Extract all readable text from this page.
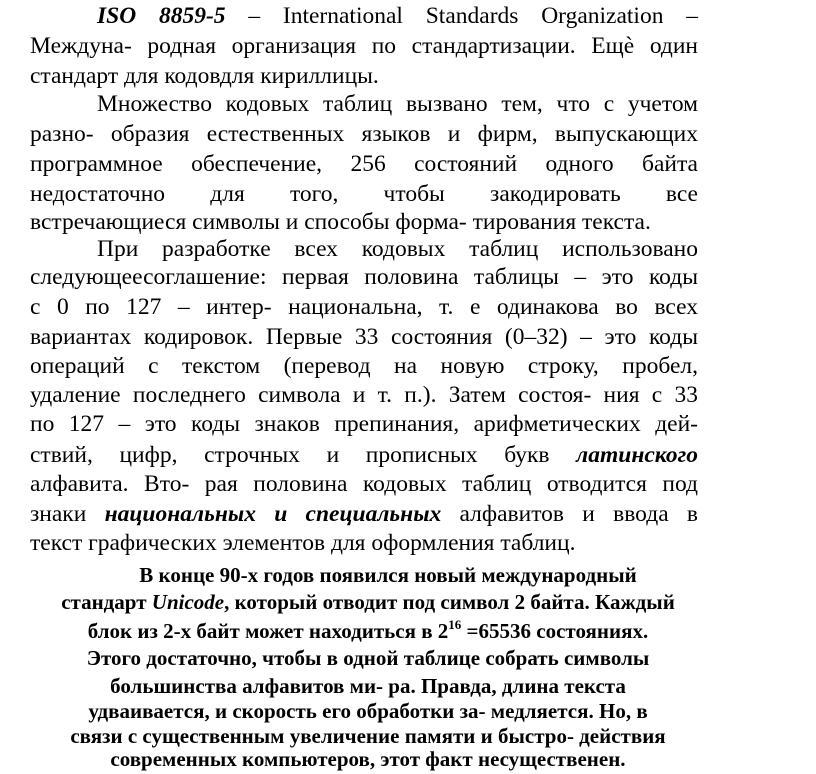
ISO 8859-5 – International Standards Organization –
Междуна- родная организация по стандартизации. Ещѐ один
стандарт для кодовдля кириллицы.
Множество кодовых таблиц вызвано тем, что с учетом
разно- образия естественных языков и фирм, выпускающих
программное обеспечение, 256 состояний одного байта
недостаточно для того, чтобы закодировать все
встречающиеся символы и способы форма- тирования текста.
При разработке всех кодовых таблиц использовано
следующеесоглашение: первая половина таблицы – это коды
с 0 по 127 – интер- национальна, т. е одинакова во всех
вариантах кодировок. Первые 33 состояния (0–32) – это коды
операций с текстом (перевод на новую строку, пробел,
удаление последнего символа и т. п.). Затем состоя- ния с 33
по 127 – это коды знаков препинания, арифметических дей-
ствий, цифр, строчных и прописных букв латинского
алфавита. Вто- рая половина кодовых таблиц отводится под
знаки национальных и специальных алфавитов и ввода в
текст графических элементов для оформления таблиц.
В конце 90-х годов появился новый международный
стандарт Unicode, который отводит под символ 2 байта. Каждый
блок из 2-х байт может находиться в $2^{16} =65536$ состояниях.
Этого достаточно, чтобы в одной таблице собрать символы
большинства алфавитов ми- ра. Правда, длина текста
удваивается, и скорость его обработки за- медляется. Но, в
связи с существенным увеличение памяти и быстро- действия
современных компьютеров, этот факт несущественен.
